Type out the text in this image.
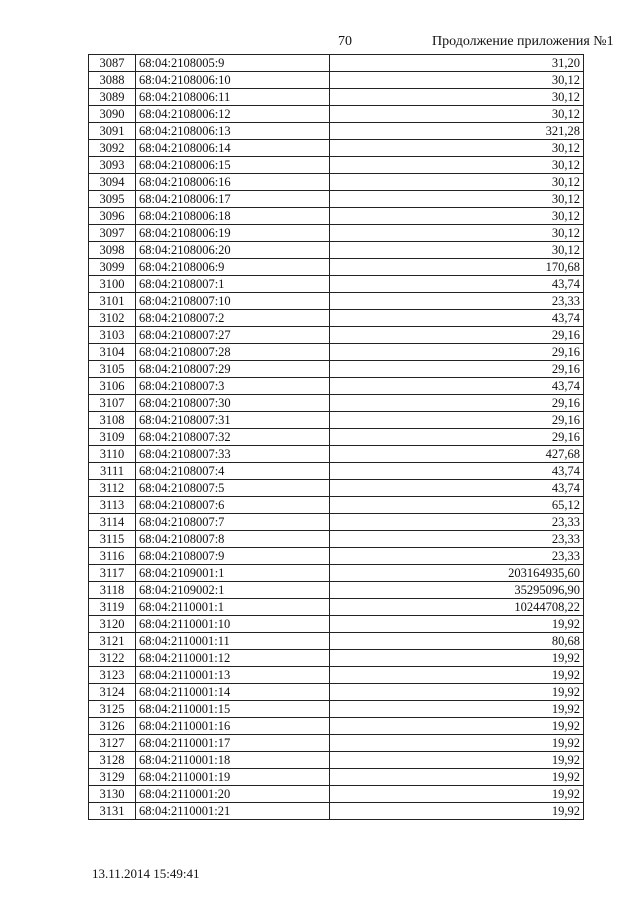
70	Продолжение приложения №1
3087	68:04:2108005:9	31,20
3088	68:04:2108006:10	30,12
3089	68:04:2108006:11	30,12
3090	68:04:2108006:12	30,12
3091	68:04:2108006:13	321,28
3092	68:04:2108006:14	30,12
3093	68:04:2108006:15	30,12
3094	68:04:2108006:16	30,12
3095	68:04:2108006:17	30,12
3096	68:04:2108006:18	30,12
3097	68:04:2108006:19	30,12
3098	68:04:2108006:20	30,12
3099	68:04:2108006:9	170,68
3100	68:04:2108007:1	43,74
3101	68:04:2108007:10	23,33
3102	68:04:2108007:2	43,74
3103	68:04:2108007:27	29,16
3104	68:04:2108007:28	29,16
3105	68:04:2108007:29	29,16
3106	68:04:2108007:3	43,74
3107	68:04:2108007:30	29,16
3108	68:04:2108007:31	29,16
3109	68:04:2108007:32	29,16
3110	68:04:2108007:33	427,68
3111	68:04:2108007:4	43,74
3112	68:04:2108007:5	43,74
3113	68:04:2108007:6	65,12
3114	68:04:2108007:7	23,33
3115	68:04:2108007:8	23,33
3116	68:04:2108007:9	23,33
3117	68:04:2109001:1	203164935,60
3118	68:04:2109002:1	35295096,90
3119	68:04:2110001:1	10244708,22
3120	68:04:2110001:10	19,92
3121	68:04:2110001:11	80,68
3122	68:04:2110001:12	19,92
3123	68:04:2110001:13	19,92
3124	68:04:2110001:14	19,92
3125	68:04:2110001:15	19,92
3126	68:04:2110001:16	19,92
3127	68:04:2110001:17	19,92
3128	68:04:2110001:18	19,92
3129	68:04:2110001:19	19,92
3130	68:04:2110001:20	19,92
3131	68:04:2110001:21	19,92
13.11.2014 15:49:41
